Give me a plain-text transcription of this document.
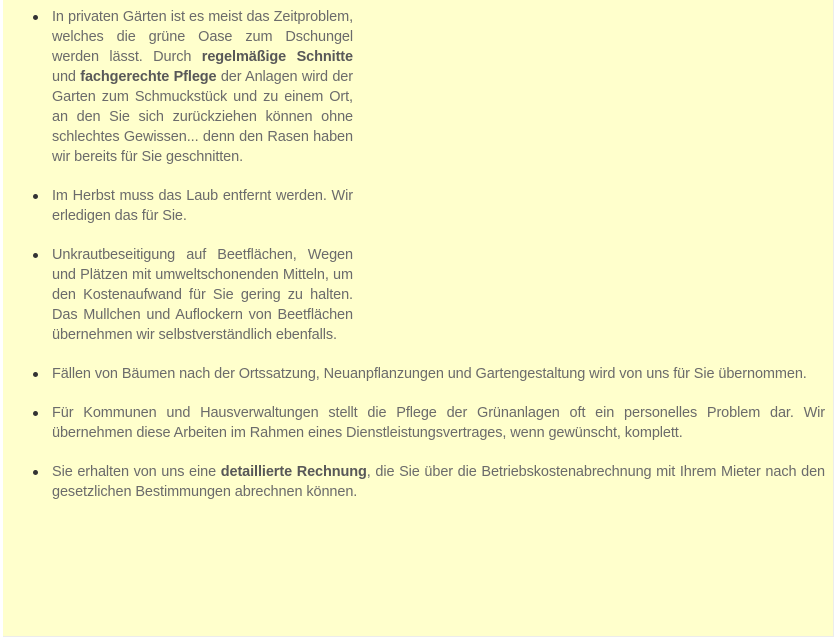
In privaten Gärten ist es meist das Zeitproblem, welches die grüne Oase zum Dschungel werden lässt. Durch regelmäßige Schnitte und fachgerechte Pflege der Anlagen wird der Garten zum Schmuckstück und zu einem Ort, an den Sie sich zurückziehen können ohne schlechtes Gewissen... denn den Rasen haben wir bereits für Sie geschnitten.
Im Herbst muss das Laub entfernt werden. Wir erledigen das für Sie.
Unkrautbeseitigung auf Beetflächen, Wegen und Plätzen mit umweltschonenden Mitteln, um den Kostenaufwand für Sie gering zu halten. Das Mullchen und Auflockern von Beetflächen übernehmen wir selbstverständlich ebenfalls.
Fällen von Bäumen nach der Ortssatzung, Neuanpflanzungen und Gartengestaltung wird von uns für Sie übernommen.
Für Kommunen und Hausverwaltungen stellt die Pflege der Grünanlagen oft ein personelles Problem dar. Wir übernehmen diese Arbeiten im Rahmen eines Dienstleistungsvertrages, wenn gewünscht, komplett.
Sie erhalten von uns eine detaillierte Rechnung, die Sie über die Betriebskostenabrechnung mit Ihrem Mieter nach den gesetzlichen Bestimmungen abrechnen können.
